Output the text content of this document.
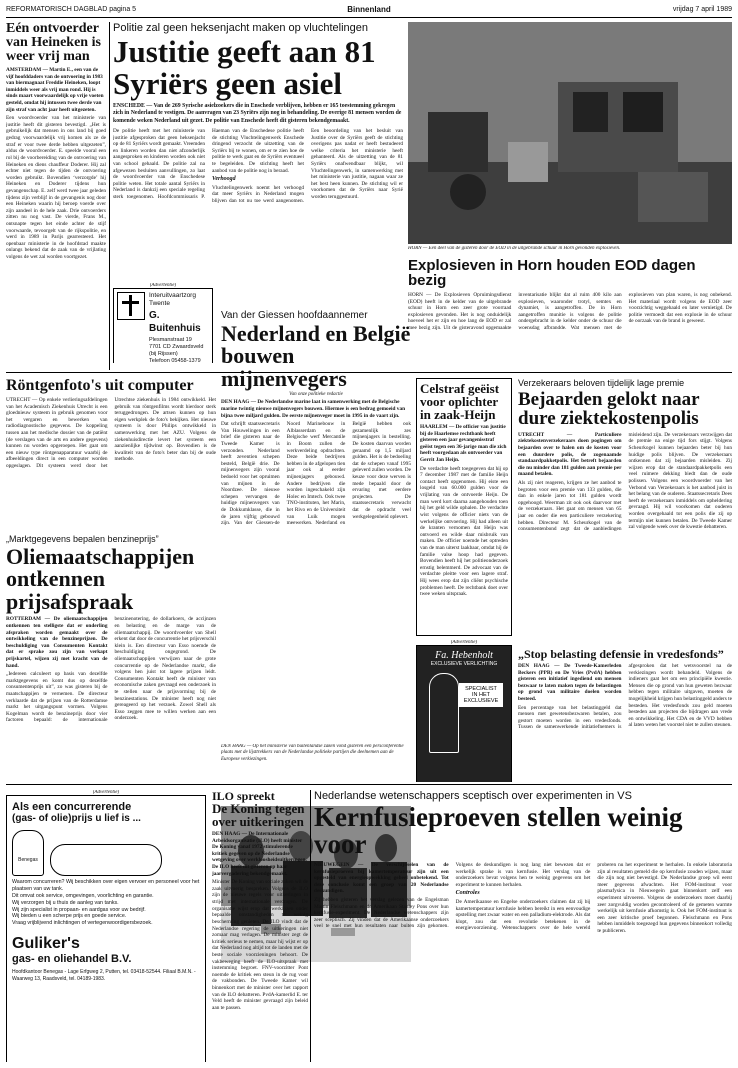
REFORMATORISCH DAGBLAD pagina 5	Binnenland	vrijdag 7 april 1989
Eén ontvoerder van Heineken is weer vrij man
AMSTERDAM — Martin E., een van de vijf hoofddaders van de ontvoering in 1983 van biermagnaat Freddie Heineken, loopt inmiddels weer als vrij man rond. Hij is sinds maart voorwaardelijk op vrije voeten gesteld, omdat hij intussen twee derde van zijn straf van acht jaar heeft uitgezeten.
Een woordvoerder van het ministerie van justitie heeft dit gisteren bevestigd. „Het is gebruikelijk dat mensen in ons land bij goed gedrag voorwaardelijk vrij komen als ze de straf er voor twee derde hebben uitgezeten”, aldus de woordvoerder. E. speelde vooral een rol bij de voorbereiding van de ontvoering van Heineken en diens chauffeur Doderer. Hij zal echter niet tegen de tijden de ontvoering worden gebruikt. Bovendien ‘verzorgde’ hij Heineken en Doderer tijdens hun gevangenschap. E. zelf werd twee jaar geleden tijdens zijn verblijf in de gevangenis nog door een Heineken waarin hij beroep voerde over zijn aandeel in de hele zaak. Drie ontvoerders zitten nu nog vast. De vierde, Frans M., ontsnapte tegen het einde achter de stijf voorwaarde, tevoorgelt van de rijkspolitie, en werd in 1989 in Parijs gearresteerd. Het openbaar ministerie in de hoofdstad maakte onlangs bekend dat de zaak van de vrijlating volgens de wet zal worden voortgezet.
Politie zal geen heksenjacht maken op vluchtelingen
Justitie geeft aan 81 Syriërs geen asiel
ENSCHEDE — Van de 269 Syrische asielzoekers die in Enschede verblijven, hebben er 165 toestemming gekregen zich in Nederland te vestigen. De aanvragen van 23 Syriërs zijn nog in behandeling. De overige 81 mensen worden de komende weken Nederland uit gezet. De politie van Enschede heeft dit gisteren bekendgemaakt.

De politie heeft met het ministerie van justitie afgesproken dat geen heksenjacht op de 81 Syriërs wordt gemaakt. Vreemden en linkeren worden dan niet afzonderlijk aangesproken en kinderen worden ook niet van school gehaald. De politie zal na afgewezen besluiten aanvullingen, zo laat de woordvoerder van de Enschedese politie weten. Het totale aantal Syriërs in Nederland is dankzij een speciale regeling sterk toegenomen. Hoofdcommissaris P. Haeman van de Enschedese politie heeft de stichting Vluchtelingenwerk Enschede dringend verzocht de uitzetting van de Syriërs bij te wonen, om er te zien hoe de politie te werk gaat en de Syriërs eventueel te begeleiden. De stichting heeft het aanbod van de politie nog in beraad.

Verhoogd

Vluchtelingenwerk noemt het verhoogd dat meer Syriërs in Nederland mogen blijven dan tot nu toe werd aangenomen. Een beoordeling van het besluit van Justitie over de Syriërs geeft de stichting overigens pas nadat er heeft bestudeerd welke criteria het ministerie heeft gehanteerd. Als de uitzetting van de 81 Syriërs onafwendbaar blijkt, wil Vluchtelingenwerk, in samenwerking met het ministerie van justitie, nagaan waar ze het best heen kunnen. De stichting wil er voorkomen dat de Syriërs naar Syrië worden teruggestuurd.

(Advertentie)
Interuitvaartzorg Twente
G. Buitenhuis
Plesmanstraat 19
7701 CD Zwaardsveld (bij Rijssen)
Telefoon 05458-1379
HORN — Een deel van de gisteren door de EOD in de uitgebrande schuur in Horn gevonden explosieven.
Explosieven in Horn houden EOD dagen bezig
HORN — De Explosieven Opruimingsdienst (EOD) heeft in de kelder van de uitgebrande schuur in Horn een zeer grote voorraad explosieven gevonden. Het is nog onduidelijk hoeveel het er zijn en hoe lang de EOD er zal mee bezig zijn. Uit de gisteravond opgemaakte inventarisatie blijkt dat al ruim 400 kilo aan explosieven, waaronder trotyl, semtex en dynamiet, is aangetroffen. De in Horn aangetroffen munitie is volgens de politie ondergebracht in de kelder onder de schuur die woensdag afbrandde. Wat mensen met de explosieven van plan waren, is nog onbekend. Het materiaal wordt volgens de EOD zeer voorzichtig weggehaald en later vernietigd. De politie vermoedt dat een explosie in de schuur de oorzaak van de brand is geweest.
Van der Giessen hoofdaannemer
Nederland en België bouwen mijnenvegers
Van onze politieke redactie
DEN HAAG — De Nederlandse marine laat in samenwerking met de Belgische marine twintig nieuwe mijnenvegers bouwen. Hiermee is een bedrag gemoeid van bijna twee miljard gulden. De eerste mijnenveger moet in 1995 in de vaart zijn.
Dat schrijft staatssecretaris Van Houwelingen in een brief die gisteren naar de Tweede Kamer is verzonden. Nederland heeft zeventien schepen besteld, België drie. De mijnenvegers zijn vooral bedoeld voor het opruimen van mijnen in de Noordzee. De nieuwe schepen vervangen de huidige mijnenvegers van de Dokkumklasse, die in de jaren vijftig gebouwd zijn. Van der Giessen-de Noord Marinebouw in Alblasserdam en de Belgische werf Mercantile in Boom zullen de werkverdeling opdrachten. Deze beide bedrijven hebben in de afgelopen tien jaar ook al eerder mijnenjagers gebouwd. Andere bedrijven die worden ingeschakeld zijn Holec en Imtech. Ook twee TNO-instituten, het Marin, het Rivo en de Universiteit van Luik mogen meewerken. Nederland en België hebben ook gezamenlijk zes mijnenjagers in bestelling. De kosten daarvan worden geraamd op 1,5 miljard gulden. Het is de bedoeling dat de schepen vanaf 1995 geleverd zullen worden. De keuze voor deze werven is mede bepaald door de ervaring met eerdere projecten. De staatssecretaris verwacht dat de opdracht veel werkgelegenheid oplevert.
Röntgenfoto's uit computer
UTRECHT — Op enkele verlieringsafdelingen van het Academisch Ziekenhuis Utrecht is een gloednieuw systeem in gebruik genomen voor het vergaren en bewerken van radiodiagnostische gegevens. De koppeling tussen aan het medische dossier van de patiënt (de verslagen van de arts en andere gegevens) kunnen nu worden opgeroepen. Het gaat om een nieuw type röntgenapparatuur waarbij de afbeeldingen direct in een computer worden opgeslagen. Dit systeem werd door het Utrechtse ziekenhuis in 1984 ontwikkeld. Het gebruik van röntgenfilms wordt hierdoor sterk teruggedrongen. De artsen kunnen op hun eigen werkplek de foto's bekijken. Het nieuwe systeem is door Philips ontwikkeld in samenwerking met het AZU. Volgens de ziekenhuisdirectie levert het systeem een aanzienlijke tijdwinst op. Bovendien is de kwaliteit van de foto's beter dan bij de oude methode.
„Marktgegevens bepalen benzineprijs”
Oliemaatschappijen ontkennen prijsafspraak

ROTTERDAM — De oliemaatschappijen ontkennen ten stelligste dat er onderling afspraken worden gemaakt over de ontwikkeling van de benzineprijzen. De beschuldiging van Consumenten Kontakt dat er sprake zou zijn van verkapt prijskartel, wijzen zij met kracht van de hand.

„Iedereen calculeert op basis van dezelfde marktgegevens en komt dus op dezelfde consumentenprijs uit”, zo was gisteren bij de maatschappijen te vernemen. De directeur verklaarde dat de prijzen van de Rotterdamse markt het uitgangspunt vormen. Volgens Kogelman wordt de benzineprijs door vier factoren bepaald: de internationale benzinenotering, de dollarkoers, de accijnzen en belasting en de marge van de oliemaatschappij. De woordvoerder van Shell erkent dat door de concurrentie het prijsverschil klein is. Een directeur van Esso noemde de beschuldiging ongegrond. De oliemaatschappijen verwijzen naar de grote concurrentie op de Nederlandse markt, die volgens hen juist tot lagere prijzen leidt. Consumenten Kontakt heeft de minister van economische zaken gevraagd een onderzoek in te stellen naar de prijsvorming bij de benzinestations. De minister heeft nog niet gereageerd op het verzoek. Zowel Shell als Esso zeggen mee te willen werken aan een onderzoek.

DEN HAAG — Op het ministerie van buitenlandse zaken vond gisteren een persconferentie plaats met de lijsttrekkers van de Nederlandse politieke partijen die deelnemen aan de Europese verkiezingen.
Celstraf geëist voor oplichter in zaak-Heijn
HAARLEM — De officier van justitie bij de Haarlemse rechtbank heeft gisteren een jaar gevangenisstraf geëist tegen een 36-jarige man die zich heeft voorgedaan als ontvoerder van Gerrit Jan Heijn.
De verdachte heeft toegegeven dat hij op 7 december 1987 met de familie Heijn contact heeft opgenomen. Hij eiste een losgeld van 60.000 gulden voor de vrijlating van de ontvoerde Heijn. De man werd kort daarna aangehouden toen hij het geld wilde ophalen. De verdachte wist volgens de officier niets van de werkelijke ontvoering. Hij had alleen uit de kranten vernomen dat Heijn was ontvoerd en wilde daar misbruik van maken. De officier noemde het optreden van de man uiterst laakbaar, omdat hij de familie valse hoop had gegeven. Bovendien heeft hij het politieonderzoek ernstig belemmerd. De advocaat van de verdachte pleitte voor een lagere straf. Hij wees erop dat zijn cliënt psychische problemen heeft. De rechtbank doet over twee weken uitspraak.
(Advertentie)
Fa. Hebenholt
EXCLUSIEVE VERLICHTING
SPECIALIST IN HET EXCLUSIEVE
Verzekeraars beloven tijdelijk lage premie
Bejaarden gelokt naar dure ziektekostenpolis

UTRECHT — Particuliere ziektekostenverzekeraars doen pogingen om bejaarden over te halen om de kosten voor een duurdere polis, de zogenaamde standaardpakketpolis. Het betreft bejaarden die nu minder dan 181 gulden aan premie per maand betalen.

Als zij niet reageren, krijgen ze het aanbod te begroten voor een premie van 133 gulden, die dan in enkele jaren tot 181 gulden wordt opgehoogd. Weerman zit ook ook daarvoor met de verzekeraars. Het gaat om mensen van 65 jaar en ouder die een particuliere verzekering hebben. Directeur M. Scheurkogel van de consumentenbond zegt dat de aanbiedingen misleidend zijn. De verzekeraars verzwijgen dat de premie na enige tijd fors stijgt. Volgens Scheurkogel kunnen bejaarden beter bij hun huidige polis blijven. De verzekeraars ontkennen dat zij bejaarden misleiden. Zij wijzen erop dat de standaardpakketpolis een veel ruimere dekking biedt dan de oude polissen. Volgens een woordvoerder van het Verbond van Verzekeraars is het aanbod juist in het belang van de ouderen. Staatssecretaris Dees heeft de verzekeraars inmiddels om opheldering gevraagd. Hij wil voorkomen dat ouderen worden overgehaald tot een polis die zij op termijn niet kunnen betalen. De Tweede Kamer zal volgende week over de kwestie debatteren.

„Stop belasting defensie in vredesfonds”

DEN HAAG — De Tweede-Kamerleden Beckers (PPR) en De Vries (PvdA) hebben gisteren een initiatief ingediend om mensen bezwaar te laten maken tegen de belastingen op grond van militaire doelen worden besteed.

Een percentage van het belastinggeld dat mensen met gewetensbezwaren betalen, zou gestort moeten worden in een vredesfonds. Tussen de samenwerkende initiatiefnemers is afgesproken dat het wetsvoorstel na de verkiezingen wordt behandeld. Volgens de indieners gaat het om een principiële kwestie. Mensen die op grond van hun geweten bezwaar hebben tegen militaire uitgaven, moeten de mogelijkheid krijgen hun belastinggeld anders te besteden. Het vredesfonds zou geld moeten besteden aan projecten die bijdragen aan vrede en ontwikkeling. Het CDA en de VVD hebben al laten weten het voorstel niet te zullen steunen.

(Advertentie)
Als een concurrerende
(gas- of olie)prijs u lief is ...
Benegas
Waarom concurreren? Wij beschikken over eigen vervoer en personeel voor het plaatsen van uw tank.
Dit omvat ook service, omgevingen, voorlichting en garantie.
Wij verzorgen bij u thuis de aanleg van tanks.
Wij zijn specialist in propaan- en aardgas voor uw bedrijf.
Wij bieden u een scherpe prijs en goede service.
Vraag vrijblijvend inlichtingen of vertegenwoordigersbezoek.
Guliker's
gas- en oliehandel B.V.
Hoofdkantoor Benegas - Lage Erfgweg 2, Putten, tel. 03418-52544. Filiaal B.M.N. - Waarweg 13, Raadsveld, tel. 04189-1983.
ILO spreekt
De Koning tegen over uitkeringen
DEN HAAG — De Internationale Arbeidsorganisatie (ILO) heeft minister De Koning vanaf 1972 stimulerende kritiek gegeven op de Nederlandse wetgeving over werkloosheidsuitkeringen. De ILO heeft dit gisteren op haar jaarvergadering bekendgemaakt.
Minister De Koning van sociale zaken wil de zaak uitvoerig bespreken. Volgens de ILO zijn de nieuwe regels voor uitkeringen in strijd met internationale verdragen. De organisatie wijst erop dat werklozen onder bepaalde omstandigheden te weinig bescherming genieten. De ILO vindt dat de Nederlandse regering de uitkeringen niet zomaar mag verlagen. De minister zegt de kritiek serieus te nemen, maar hij wijst er op dat Nederland nog altijd tot de landen met de beste sociale voorzieningen behoort. De vakbeweging heeft de ILO-uitspraak met instemming begroet. FNV-voorzitter Pont noemde de kritiek een steun in de rug voor de vakbonden. De Tweede Kamer wil binnenkort met de minister over het rapport van de ILO debatteren. PvdA-kamerlid E. ter Veld heeft de minister gevraagd zijn beleid aan te passen.
Nederlandse wetenschappers sceptisch over experimenten in VS
Kernfusieproeven stellen weinig voor

NIEUWEGEIN — De verschijnselen van de kernfusieproeven bij kamertemperatuur zijn uit een opgesteld van energieopwekking geheel onbetekend. Tot deze conclusie komt een groep van 20 Nederlandse deskundigen.

Zij hebben gisteren het verslag gelezen van de Engelsman Martin Fleischmann en de Amerikaan Stanley Pons over hun kernfusie-experiment. De Nederlandse wetenschappers zijn zeer sceptisch. Zij vinden dat de Amerikaanse onderzoekers veel te snel met hun resultaten naar buiten zijn gekomen. Volgens de deskundigen is nog lang niet bewezen dat er werkelijk sprake is van kernfusie. Het verslag van de onderzoekers bevat volgens hen te weinig gegevens om het experiment te kunnen herhalen.

Controles

De Amerikaanse en Engelse onderzoekers claimen dat zij bij kamertemperatuur kernfusie hebben bereikt in een eenvoudige opstelling met zwaar water en een palladium-elektrode. Als dat klopt, zou dat een revolutie betekenen in de energievoorziening. Wetenschappers over de hele wereld proberen nu het experiment te herhalen. In enkele laboratoria zijn al resultaten gemeld die op kernfusie zouden wijzen, maar die zijn nog niet bevestigd. De Nederlandse groep wil eerst meer gegevens afwachten. Het FOM-instituut voor plasmafysica in Nieuwegein gaat binnenkort zelf een experiment uitvoeren. Volgens de onderzoekers moet daarbij zeer zorgvuldig worden gecontroleerd of de gemeten warmte werkelijk uit kernfusie afkomstig is. Ook het FOM-instituut is een zeer kritische proef begonnen. Fleischmann en Pons hebben inmiddels toegezegd hun gegevens binnenkort volledig te publiceren.
